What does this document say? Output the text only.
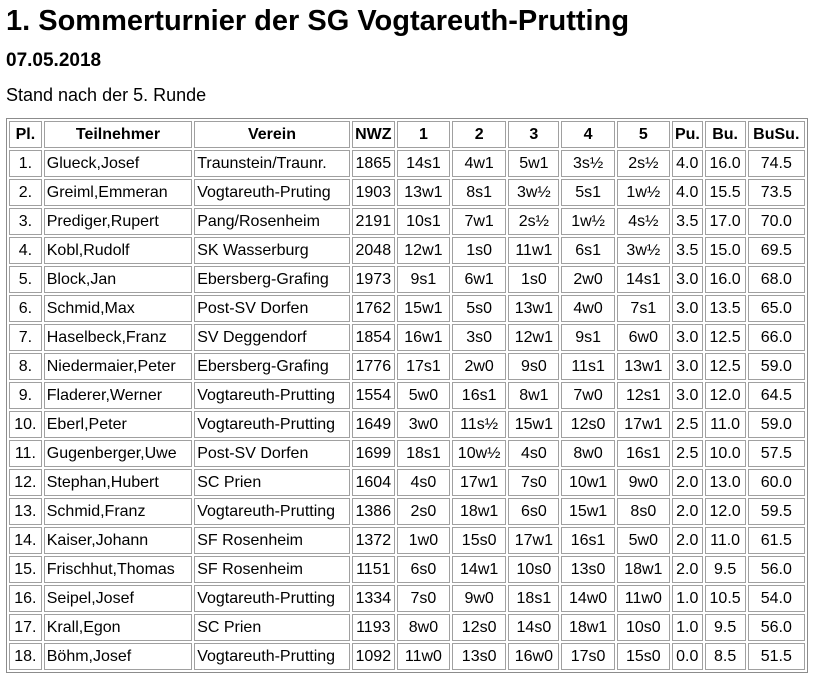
1. Sommerturnier der SG Vogtareuth-Prutting
07.05.2018

Stand nach der 5. Runde

Pl.	Teilnehmer	Verein	NWZ	1	2	3	4	5	Pu.	Bu.	BuSu.
1.	Glueck,Josef	Traunstein/Traunr.	1865	14s1	4w1	5w1	3s½	2s½	4.0	16.0	74.5
2.	Greiml,Emmeran	Vogtareuth-Pruting	1903	13w1	8s1	3w½	5s1	1w½	4.0	15.5	73.5
3.	Prediger,Rupert	Pang/Rosenheim	2191	10s1	7w1	2s½	1w½	4s½	3.5	17.0	70.0
4.	Kobl,Rudolf	SK Wasserburg	2048	12w1	1s0	11w1	6s1	3w½	3.5	15.0	69.5
5.	Block,Jan	Ebersberg-Grafing	1973	9s1	6w1	1s0	2w0	14s1	3.0	16.0	68.0
6.	Schmid,Max	Post-SV Dorfen	1762	15w1	5s0	13w1	4w0	7s1	3.0	13.5	65.0
7.	Haselbeck,Franz	SV Deggendorf	1854	16w1	3s0	12w1	9s1	6w0	3.0	12.5	66.0
8.	Niedermaier,Peter	Ebersberg-Grafing	1776	17s1	2w0	9s0	11s1	13w1	3.0	12.5	59.0
9.	Fladerer,Werner	Vogtareuth-Prutting	1554	5w0	16s1	8w1	7w0	12s1	3.0	12.0	64.5
10.	Eberl,Peter	Vogtareuth-Prutting	1649	3w0	11s½	15w1	12s0	17w1	2.5	11.0	59.0
11.	Gugenberger,Uwe	Post-SV Dorfen	1699	18s1	10w½	4s0	8w0	16s1	2.5	10.0	57.5
12.	Stephan,Hubert	SC Prien	1604	4s0	17w1	7s0	10w1	9w0	2.0	13.0	60.0
13.	Schmid,Franz	Vogtareuth-Prutting	1386	2s0	18w1	6s0	15w1	8s0	2.0	12.0	59.5
14.	Kaiser,Johann	SF Rosenheim	1372	1w0	15s0	17w1	16s1	5w0	2.0	11.0	61.5
15.	Frischhut,Thomas	SF Rosenheim	1151	6s0	14w1	10s0	13s0	18w1	2.0	9.5	56.0
16.	Seipel,Josef	Vogtareuth-Prutting	1334	7s0	9w0	18s1	14w0	11w0	1.0	10.5	54.0
17.	Krall,Egon	SC Prien	1193	8w0	12s0	14s0	18w1	10s0	1.0	9.5	56.0
18.	Böhm,Josef	Vogtareuth-Prutting	1092	11w0	13s0	16w0	17s0	15s0	0.0	8.5	51.5
